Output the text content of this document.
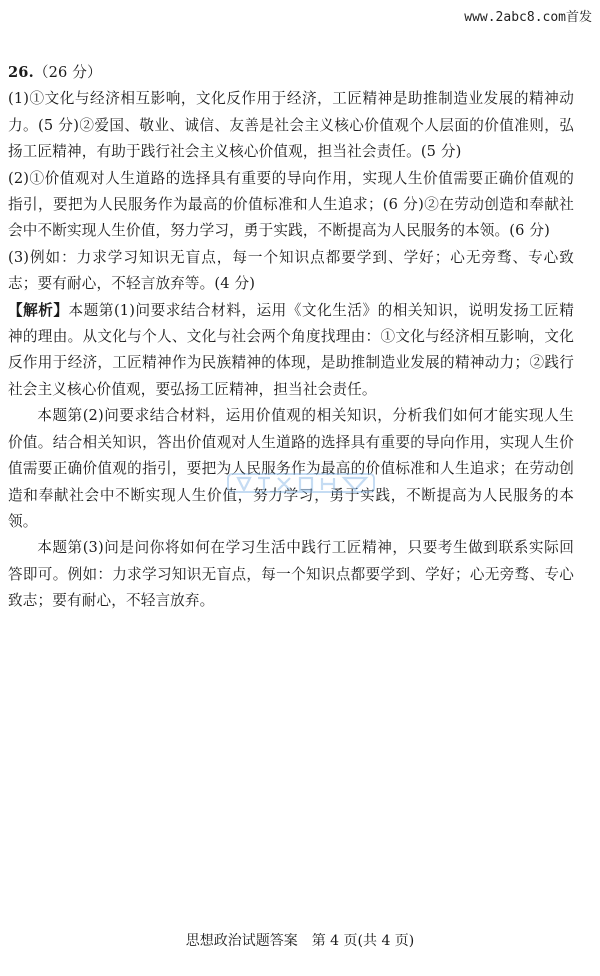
www.2abc8.com首发

26.（26 分）

(1)①文化与经济相互影响，文化反作用于经济，工匠精神是助推制造业发展的精神动力。(5 分)②爱国、敬业、诚信、友善是社会主义核心价值观个人层面的价值准则，弘扬工匠精神，有助于践行社会主义核心价值观，担当社会责任。(5 分)

(2)①价值观对人生道路的选择具有重要的导向作用，实现人生价值需要正确价值观的指引，要把为人民服务作为最高的价值标准和人生追求；(6 分)②在劳动创造和奉献社会中不断实现人生价值，努力学习，勇于实践，不断提高为人民服务的本领。(6 分)

(3)例如：力求学习知识无盲点，每一个知识点都要学到、学好；心无旁骛、专心致志；要有耐心，不轻言放弃等。(4 分)

【解析】本题第(1)问要求结合材料，运用《文化生活》的相关知识，说明发扬工匠精神的理由。从文化与个人、文化与社会两个角度找理由：①文化与经济相互影响，文化反作用于经济，工匠精神作为民族精神的体现，是助推制造业发展的精神动力；②践行社会主义核心价值观，要弘扬工匠精神，担当社会责任。

本题第(2)问要求结合材料，运用价值观的相关知识，分析我们如何才能实现人生价值。结合相关知识，答出价值观对人生道路的选择具有重要的导向作用，实现人生价值需要正确价值观的指引，要把为人民服务作为最高的价值标准和人生追求；在劳动创造和奉献社会中不断实现人生价值，努力学习，勇于实践，不断提高为人民服务的本领。

本题第(3)问是问你将如何在学习生活中践行工匠精神，只要考生做到联系实际回答即可。例如：力求学习知识无盲点，每一个知识点都要学到、学好；心无旁骛、专心致志；要有耐心，不轻言放弃。

思想政治试题答案　第 4 页(共 4 页)
